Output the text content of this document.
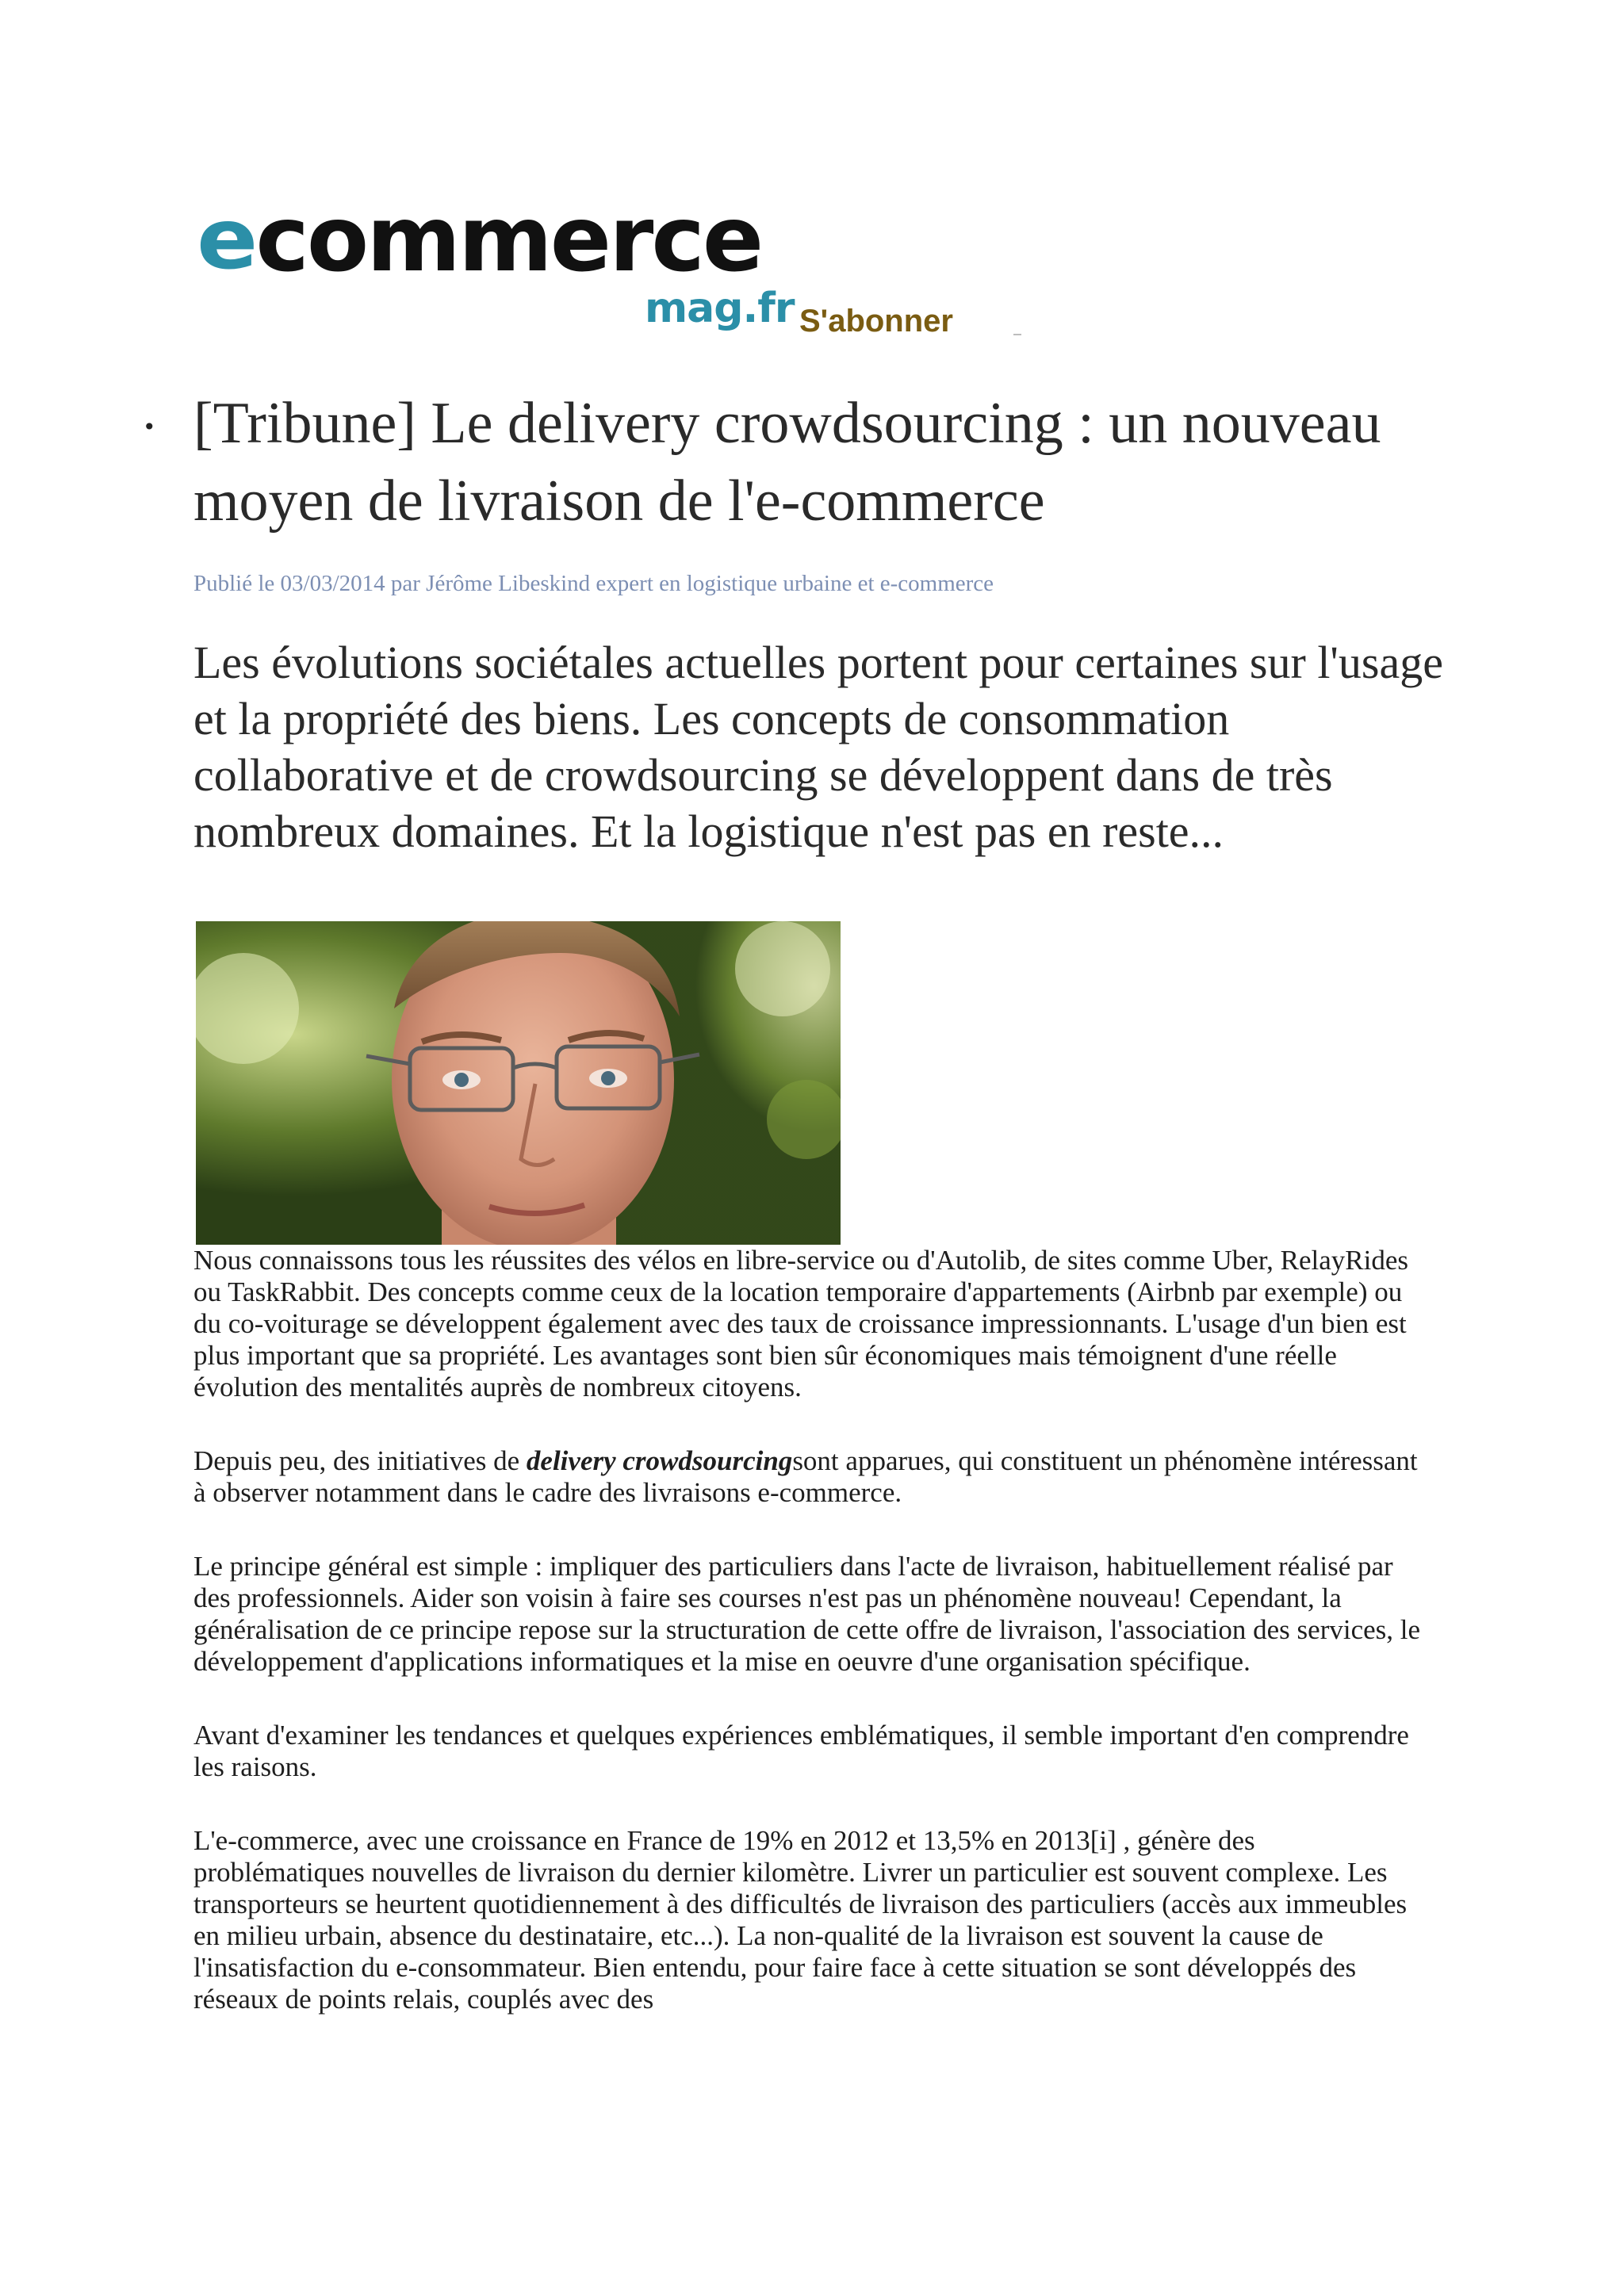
ecommerce
mag.fr S'abonner
• [Tribune] Le delivery crowdsourcing : un nouveau moyen de livraison de l'e-commerce
Publié le 03/03/2014 par Jérôme Libeskind expert en logistique urbaine et e-commerce

Les évolutions sociétales actuelles portent pour certaines sur l'usage et la propriété des biens. Les concepts de consommation collaborative et de crowdsourcing se développent dans de très nombreux domaines. Et la logistique n'est pas en reste...

Nous connaissons tous les réussites des vélos en libre-service ou d'Autolib, de sites comme Uber, RelayRides ou TaskRabbit. Des concepts comme ceux de la location temporaire d'appartements (Airbnb par exemple) ou du co-voiturage se développent également avec des taux de croissance impressionnants. L'usage d'un bien est plus important que sa propriété. Les avantages sont bien sûr économiques mais témoignent d'une réelle évolution des mentalités auprès de nombreux citoyens.

Depuis peu, des initiatives de delivery crowdsourcingsont apparues, qui constituent un phénomène intéressant à observer notamment dans le cadre des livraisons e-commerce.

Le principe général est simple : impliquer des particuliers dans l'acte de livraison, habituellement réalisé par des professionnels. Aider son voisin à faire ses courses n'est pas un phénomène nouveau! Cependant, la généralisation de ce principe repose sur la structuration de cette offre de livraison, l'association des services, le développement d'applications informatiques et la mise en oeuvre d'une organisation spécifique.

Avant d'examiner les tendances et quelques expériences emblématiques, il semble important d'en comprendre les raisons.

L'e-commerce, avec une croissance en France de 19% en 2012 et 13,5% en 2013[i] , génère des problématiques nouvelles de livraison du dernier kilomètre. Livrer un particulier est souvent complexe. Les transporteurs se heurtent quotidiennement à des difficultés de livraison des particuliers (accès aux immeubles en milieu urbain, absence du destinataire, etc...). La non-qualité de la livraison est souvent la cause de l'insatisfaction du e-consommateur. Bien entendu, pour faire face à cette situation se sont développés des réseaux de points relais, couplés avec des
